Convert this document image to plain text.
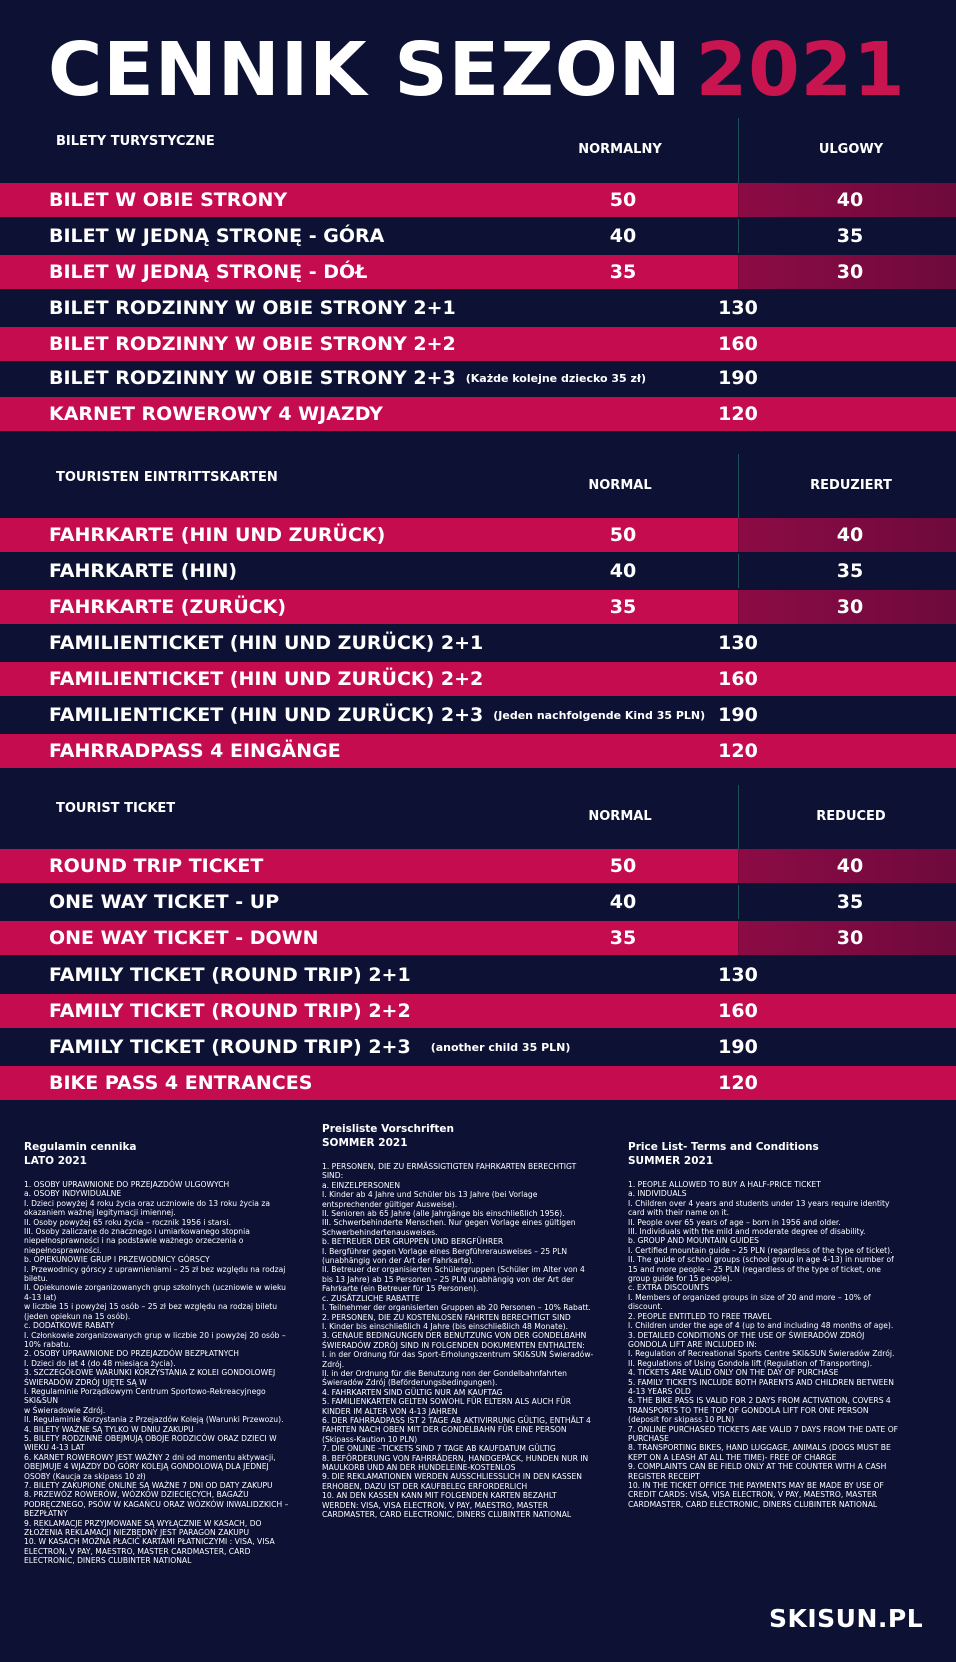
CENNIK SEZON 2021
BILETY TURYSTYCZNE
NORMALNY	ULGOWY
BILET W OBIE STRONY	50	40
BILET W JEDNĄ STRONĘ - GÓRA	40	35
BILET W JEDNĄ STRONĘ - DÓŁ	35	30
BILET RODZINNY W OBIE STRONY 2+1	130
BILET RODZINNY W OBIE STRONY 2+2	160
BILET RODZINNY W OBIE STRONY 2+3 (Każde kolejne dziecko 35 zł)	190
KARNET ROWEROWY 4 WJAZDY	120
TOURISTEN EINTRITTSKARTEN
NORMAL	REDUZIERT
FAHRKARTE (HIN UND ZURÜCK)	50	40
FAHRKARTE (HIN)	40	35
FAHRKARTE (ZURÜCK)	35	30
FAMILIENTICKET (HIN UND ZURÜCK) 2+1	130
FAMILIENTICKET (HIN UND ZURÜCK) 2+2	160
FAMILIENTICKET (HIN UND ZURÜCK) 2+3 (Jeden nachfolgende Kind 35 PLN) 190
FAHRRADPASS 4 EINGÄNGE	120
TOURIST TICKET
NORMAL	REDUCED
ROUND TRIP TICKET	50	40
ONE WAY TICKET - UP	40	35
ONE WAY TICKET - DOWN	35	30
FAMILY TICKET (ROUND TRIP) 2+1	130
FAMILY TICKET (ROUND TRIP) 2+2	160
FAMILY TICKET (ROUND TRIP) 2+3 (another child 35 PLN)	190
BIKE PASS 4 ENTRANCES	120
Regulamin cennika
LATO 2021
1. OSOBY UPRAWNIONE DO PRZEJAZDÓW ULGOWYCH
a. OSOBY INDYWIDUALNE
I. Dzieci powyżej 4 roku życia oraz uczniowie do 13 roku życia za okazaniem ważnej legitymacji imiennej.
II. Osoby powyżej 65 roku życia – rocznik 1956 i starsi.
III. Osoby zaliczane do znacznego i umiarkowanego stopnia niepełnosprawności i na podstawie ważnego orzeczenia o niepełnosprawności.
b. OPIEKUNOWIE GRUP I PRZEWODNICY GÓRSCY
I. Przewodnicy górscy z uprawnieniami – 25 zł bez względu na rodzaj biletu.
II. Opiekunowie zorganizowanych grup szkolnych (uczniowie w wieku 4-13 lat)
w liczbie 15 i powyżej 15 osób – 25 zł bez względu na rodzaj biletu (jeden opiekun na 15 osób).
c. DODATKOWE RABATY
I. Członkowie zorganizowanych grup w liczbie 20 i powyżej 20 osób – 10% rabatu.
2. OSOBY UPRAWNIONE DO PRZEJAZDÓW BEZPŁATNYCH
I. Dzieci do lat 4 (do 48 miesiąca życia).
3. SZCZEGÓŁOWE WARUNKI KORZYSTANIA Z KOLEI GONDOLOWEJ ŚWIERADÓW ZDRÓJ UJĘTE SĄ W
I. Regulaminie Porządkowym Centrum Sportowo-Rekreacyjnego SKI&SUN
w Świeradowie Zdrój.
II. Regulaminie Korzystania z Przejazdów Koleją (Warunki Przewozu).
4. BILETY WAŻNE SĄ TYLKO W DNIU ZAKUPU
5. BILETY RODZINNE OBEJMUJĄ OBOJE RODZICÓW ORAZ DZIECI W WIEKU 4-13 LAT
6. KARNET ROWEROWY JEST WAŻNY 2 dni od momentu aktywacji, OBEJMUJE 4 WJAZDY DO GÓRY KOLEJĄ GONDOLOWĄ DLA JEDNEJ OSOBY (Kaucja za skipass 10 zł)
7. BILETY ZAKUPIONE ONLINE SĄ WAŻNE 7 DNI OD DATY ZAKUPU
8. PRZEWÓZ ROWERÓW, WÓZKÓW DZIECIĘCYCH, BAGAŻU PODRĘCZNEGO, PSÓW W KAGAŃCU ORAZ WÓZKÓW INWALIDZKICH – BEZPŁATNY
9. REKLAMACJE PRZYJMOWANE SĄ WYŁĄCZNIE W KASACH, DO ZŁOŻENIA REKLAMACJI NIEZBĘDNY JEST PARAGON ZAKUPU
10. W KASACH MOŻNA PŁACIĆ KARTAMI PŁATNICZYMI : VISA, VISA ELECTRON, V PAY, MAESTRO, MASTER CARDMASTER, CARD ELECTRONIC, DINERS CLUBINTER NATIONAL
Preisliste Vorschriften
SOMMER 2021
1. PERSONEN, DIE ZU ERMÄSSIGTIGTEN FAHRKARTEN BERECHTIGT SIND:
a. EINZELPERSONEN
I. Kinder ab 4 Jahre und Schüler bis 13 Jahre (bei Vorlage entsprechender gültiger Ausweise).
II. Senioren ab 65 Jahre (alle Jahrgänge bis einschließlich 1956).
III. Schwerbehinderte Menschen. Nur gegen Vorlage eines gültigen Schwerbehindertenausweises.
b. BETREUER DER GRUPPEN UND BERGFÜHRER
I. Bergführer gegen Vorlage eines Bergführerausweises – 25 PLN (unabhängig von der Art der Fahrkarte).
II. Betreuer der organisierten Schülergruppen (Schüler im Alter von 4 bis 13 Jahre) ab 15 Personen – 25 PLN unabhängig von der Art der Fahrkarte (ein Betreuer für 15 Personen).
c. ZUSÄTZLICHE RABATTE
I. Teilnehmer der organisierten Gruppen ab 20 Personen – 10% Rabatt.
2. PERSONEN, DIE ZU KOSTENLOSEN FAHRTEN BERECHTIGT SIND
I. Kinder bis einschließlich 4 Jahre (bis einschließlich 48 Monate).
3. GENAUE BEDINGUNGEN DER BENUTZUNG VON DER GONDELBAHN ŚWIERADÓW ZDRÓJ SIND IN FOLGENDEN DOKUMENTEN ENTHALTEN:
I. in der Ordnung für das Sport-Erholungszentrum SKI&SUN Świeradów-Zdrój.
II. in der Ordnung für die Benutzung non der Gondelbahnfahrten Świeradów Zdrój (Beförderungsbedingungen).
4. FAHRKARTEN SIND GÜLTIG NUR AM KAUFTAG
5. FAMILIENKARTEN GELTEN SOWOHL FÜR ELTERN ALS AUCH FÜR KINDER IM ALTER VON 4-13 JAHREN
6. DER FAHRRADPASS IST 2 TAGE AB AKTIVIRRUNG GÜLTIG, ENTHÄLT 4 FAHRTEN NACH OBEN MIT DER GONDELBAHN FÜR EINE PERSON (Skipass-Kaution 10 PLN)
7. DIE ONLINE –TICKETS SIND 7 TAGE AB KAUFDATUM GÜLTIG
8. BEFÖRDERUNG VON FAHRRÄDERN, HANDGEPÄCK, HUNDEN NUR IN MAULKORB UND AN DER HUNDELEINE-KOSTENLOS
9. DIE REKLAMATIONEN WERDEN AUSSCHLIESSLICH IN DEN KASSEN ERHOBEN, DAZU IST DER KAUFBELEG ERFORDERLICH
10. AN DEN KASSEN KANN MIT FOLGENDEN KARTEN BEZAHLT WERDEN: VISA, VISA ELECTRON, V PAY, MAESTRO, MASTER CARDMASTER, CARD ELECTRONIC, DINERS CLUBINTER NATIONAL
Price List- Terms and Conditions
SUMMER 2021
1. PEOPLE ALLOWED TO BUY A HALF-PRICE TICKET
a. INDIVIDUALS
I. Children over 4 years and students under 13 years require identity card with their name on it.
II. People over 65 years of age – born in 1956 and older.
III. Individuals with the mild and moderate degree of disability.
b. GROUP AND MOUNTAIN GUIDES
I. Certified mountain guide – 25 PLN (regardless of the type of ticket).
II. The guide of school groups (school group in age 4-13) in number of 15 and more people – 25 PLN (regardless of the type of ticket, one group guide for 15 people).
c. EXTRA DISCOUNTS
I. Members of organized groups in size of 20 and more – 10% of discount.
2. PEOPLE ENTITLED TO FREE TRAVEL
I. Children under the age of 4 (up to and including 48 months of age).
3. DETAILED CONDITIONS OF THE USE OF ŚWIERADÓW ZDRÓJ GONDOLA LIFT ARE INCLUDED IN:
I. Regulation of Recreational Sports Centre SKI&SUN Świeradów Zdrój.
II. Regulations of Using Gondola lift (Regulation of Transporting).
4. TICKETS ARE VALID ONLY ON THE DAY OF PURCHASE
5. FAMILY TICKETS INCLUDE BOTH PARENTS AND CHILDREN BETWEEN 4-13 YEARS OLD
6. THE BIKE PASS IS VALID FOR 2 DAYS FROM ACTIVATION, COVERS 4 TRANSPORTS TO THE TOP OF GONDOLA LIFT FOR ONE PERSON (deposit for skipass 10 PLN)
7. ONLINE PURCHASED TICKETS ARE VALID 7 DAYS FROM THE DATE OF PURCHASE
8. TRANSPORTING BIKES, HAND LUGGAGE, ANIMALS (DOGS MUST BE KEPT ON A LEASH AT ALL THE TIME)- FREE OF CHARGE
9. COMPLAINTS CAN BE FIELD ONLY AT THE COUNTER WITH A CASH REGISTER RECEIPT
10. IN THE TICKET OFFICE THE PAYMENTS MAY BE MADE BY USE OF CREDIT CARDS: VISA, VISA ELECTRON, V PAY, MAESTRO, MASTER CARDMASTER, CARD ELECTRONIC, DINERS CLUBINTER NATIONAL
SKISUN.PL
